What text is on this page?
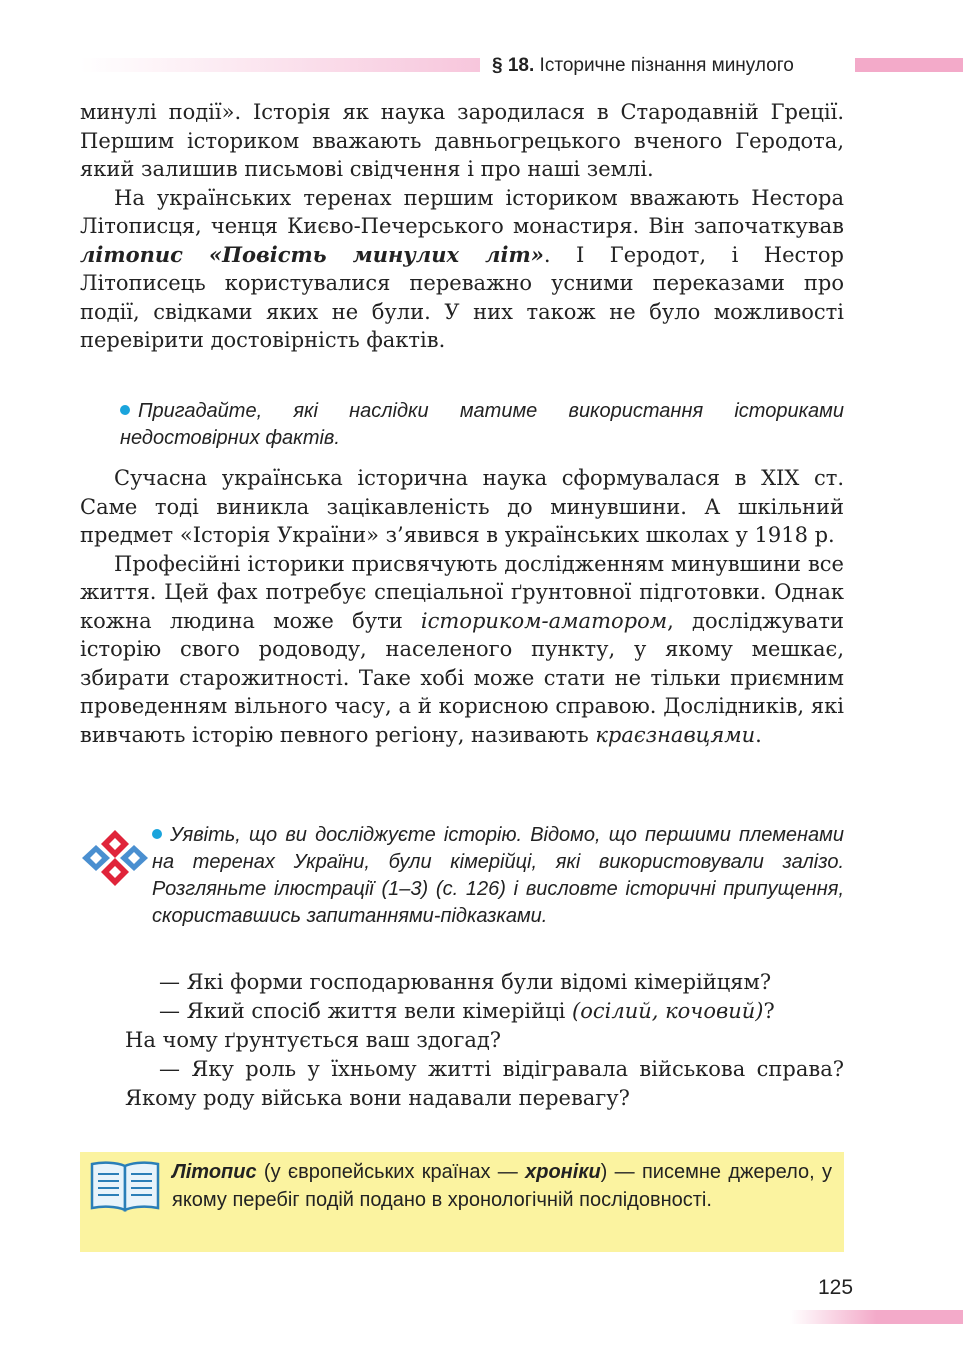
§ 18. Історичне пізнання минулого

минулі події». Історія як наука зародилася в Стародавній Греції. Першим істориком вважають давньогрецького вченого Геродота, який залишив письмові свідчення і про наші землі.

На українських теренах першим істориком вважають Нестора Літописця, ченця Києво-Печерського монастиря. Він започаткував літопис «Повість минулих літ». І Геродот, і Нестор Літописець користувалися переважно усними переказами про події, свідками яких не були. У них також не було можливості перевірити достовірність фактів.

Пригадайте, які наслідки матиме використання істориками недостовірних фактів.

Сучасна українська історична наука сформувалася в XIX ст. Саме тоді виникла зацікавленість до минувшини. А шкільний предмет «Історія України» з’явився в українських школах у 1918 р.

Професійні історики присвячують дослідженням минувшини все життя. Цей фах потребує спеціальної ґрунтовної підготовки. Однак кожна людина може бути істориком-аматором, досліджувати історію свого родоводу, населеного пункту, у якому мешкає, збирати старожитності. Таке хобі може стати не тільки приємним проведенням вільного часу, а й корисною справою. Дослідників, які вивчають історію певного регіону, називають краєзнавцями.

Уявіть, що ви досліджуєте історію. Відомо, що першими племенами на теренах України, були кімерійці, які використовували залізо. Розгляньте ілюстрації (1–3) (с. 126) і висловте історичні припущення, скориставшись запитаннями-підказками.

— Які форми господарювання були відомі кімерійцям?

— Який спосіб життя вели кімерійці (осілий, кочовий)?

На чому ґрунтується ваш здогад?

— Яку роль у їхньому житті відігравала військова справа? Якому роду війська вони надавали перевагу?

Літопис (у європейських країнах — хроніки) — писемне джерело, у якому перебіг подій подано в хронологічній послідовності.
125
